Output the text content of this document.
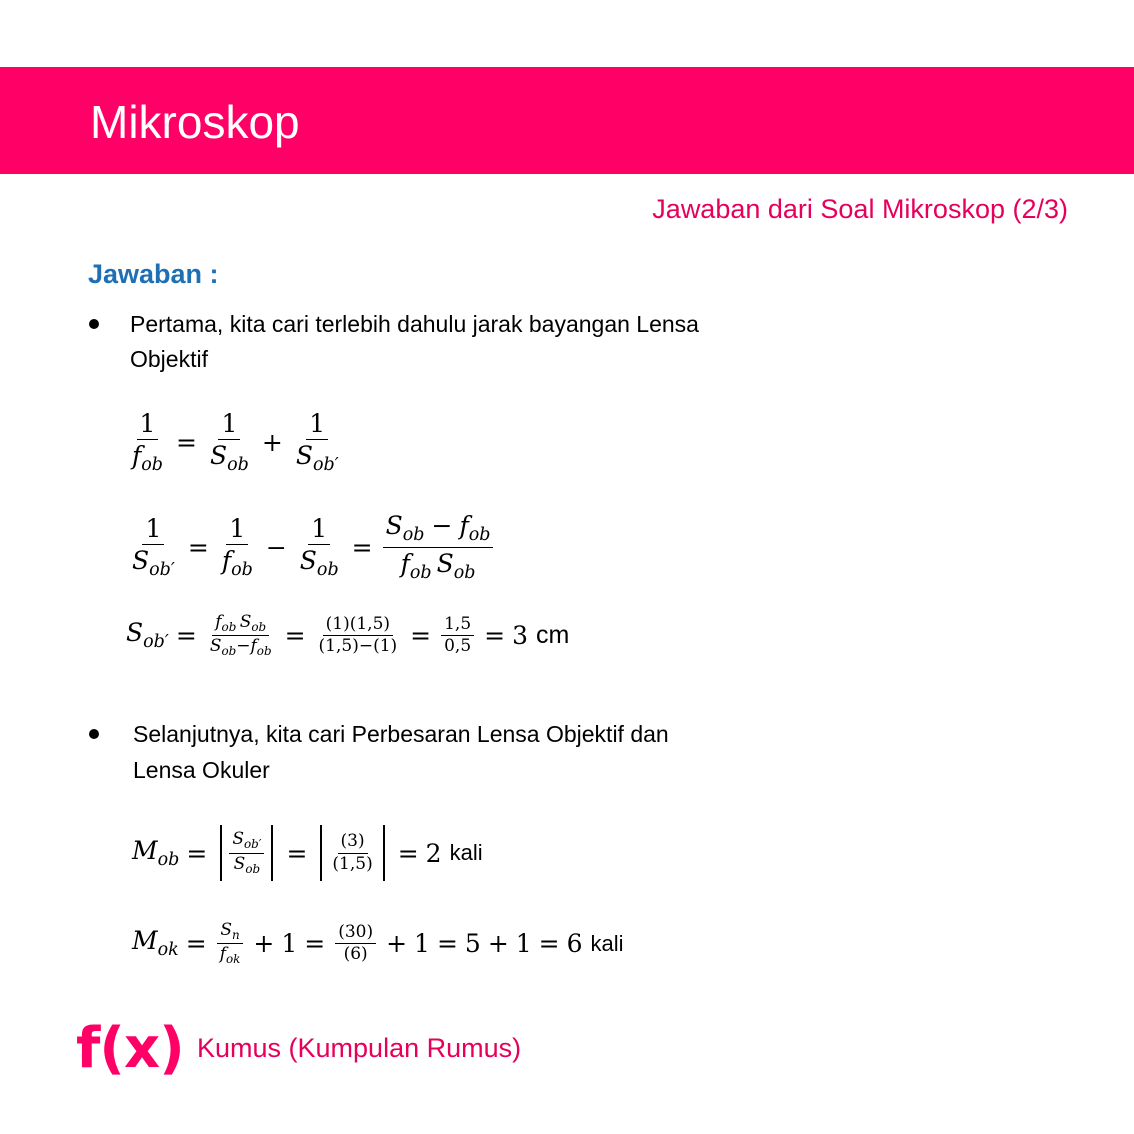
Mikroskop
Jawaban dari Soal Mikroskop (2/3)
Jawaban :
Pertama, kita cari terlebih dahulu jarak bayangan Lensa
Objektif
$\frac{1}{f_{ob}} = \frac{1}{S_{ob}} + \frac{1}{S_{ob'}}$
$\frac{1}{S_{ob'}} = \frac{1}{f_{ob}} - \frac{1}{S_{ob}} = \frac{S_{ob} - f_{ob}}{f_{ob} S_{ob}}$
$S_{ob'} = \frac{f_{ob} S_{ob}}{S_{ob}-f_{ob}} = \frac{(1)(1,5)}{(1,5)-(1)} = \frac{1,5}{0,5} = 3$ cm
Selanjutnya, kita cari Perbesaran Lensa Objektif dan
Lensa Okuler
$M_{ob} = \frac{S_{ob'}}{S_{ob}} = \frac{(3)}{(1,5)} = 2$ kali
$M_{ok} = \frac{S_n}{f_{ok}} + 1 = \frac{(30)}{(6)} + 1 = 5 + 1 = 6$ kali
f(x) Kumus (Kumpulan Rumus)
